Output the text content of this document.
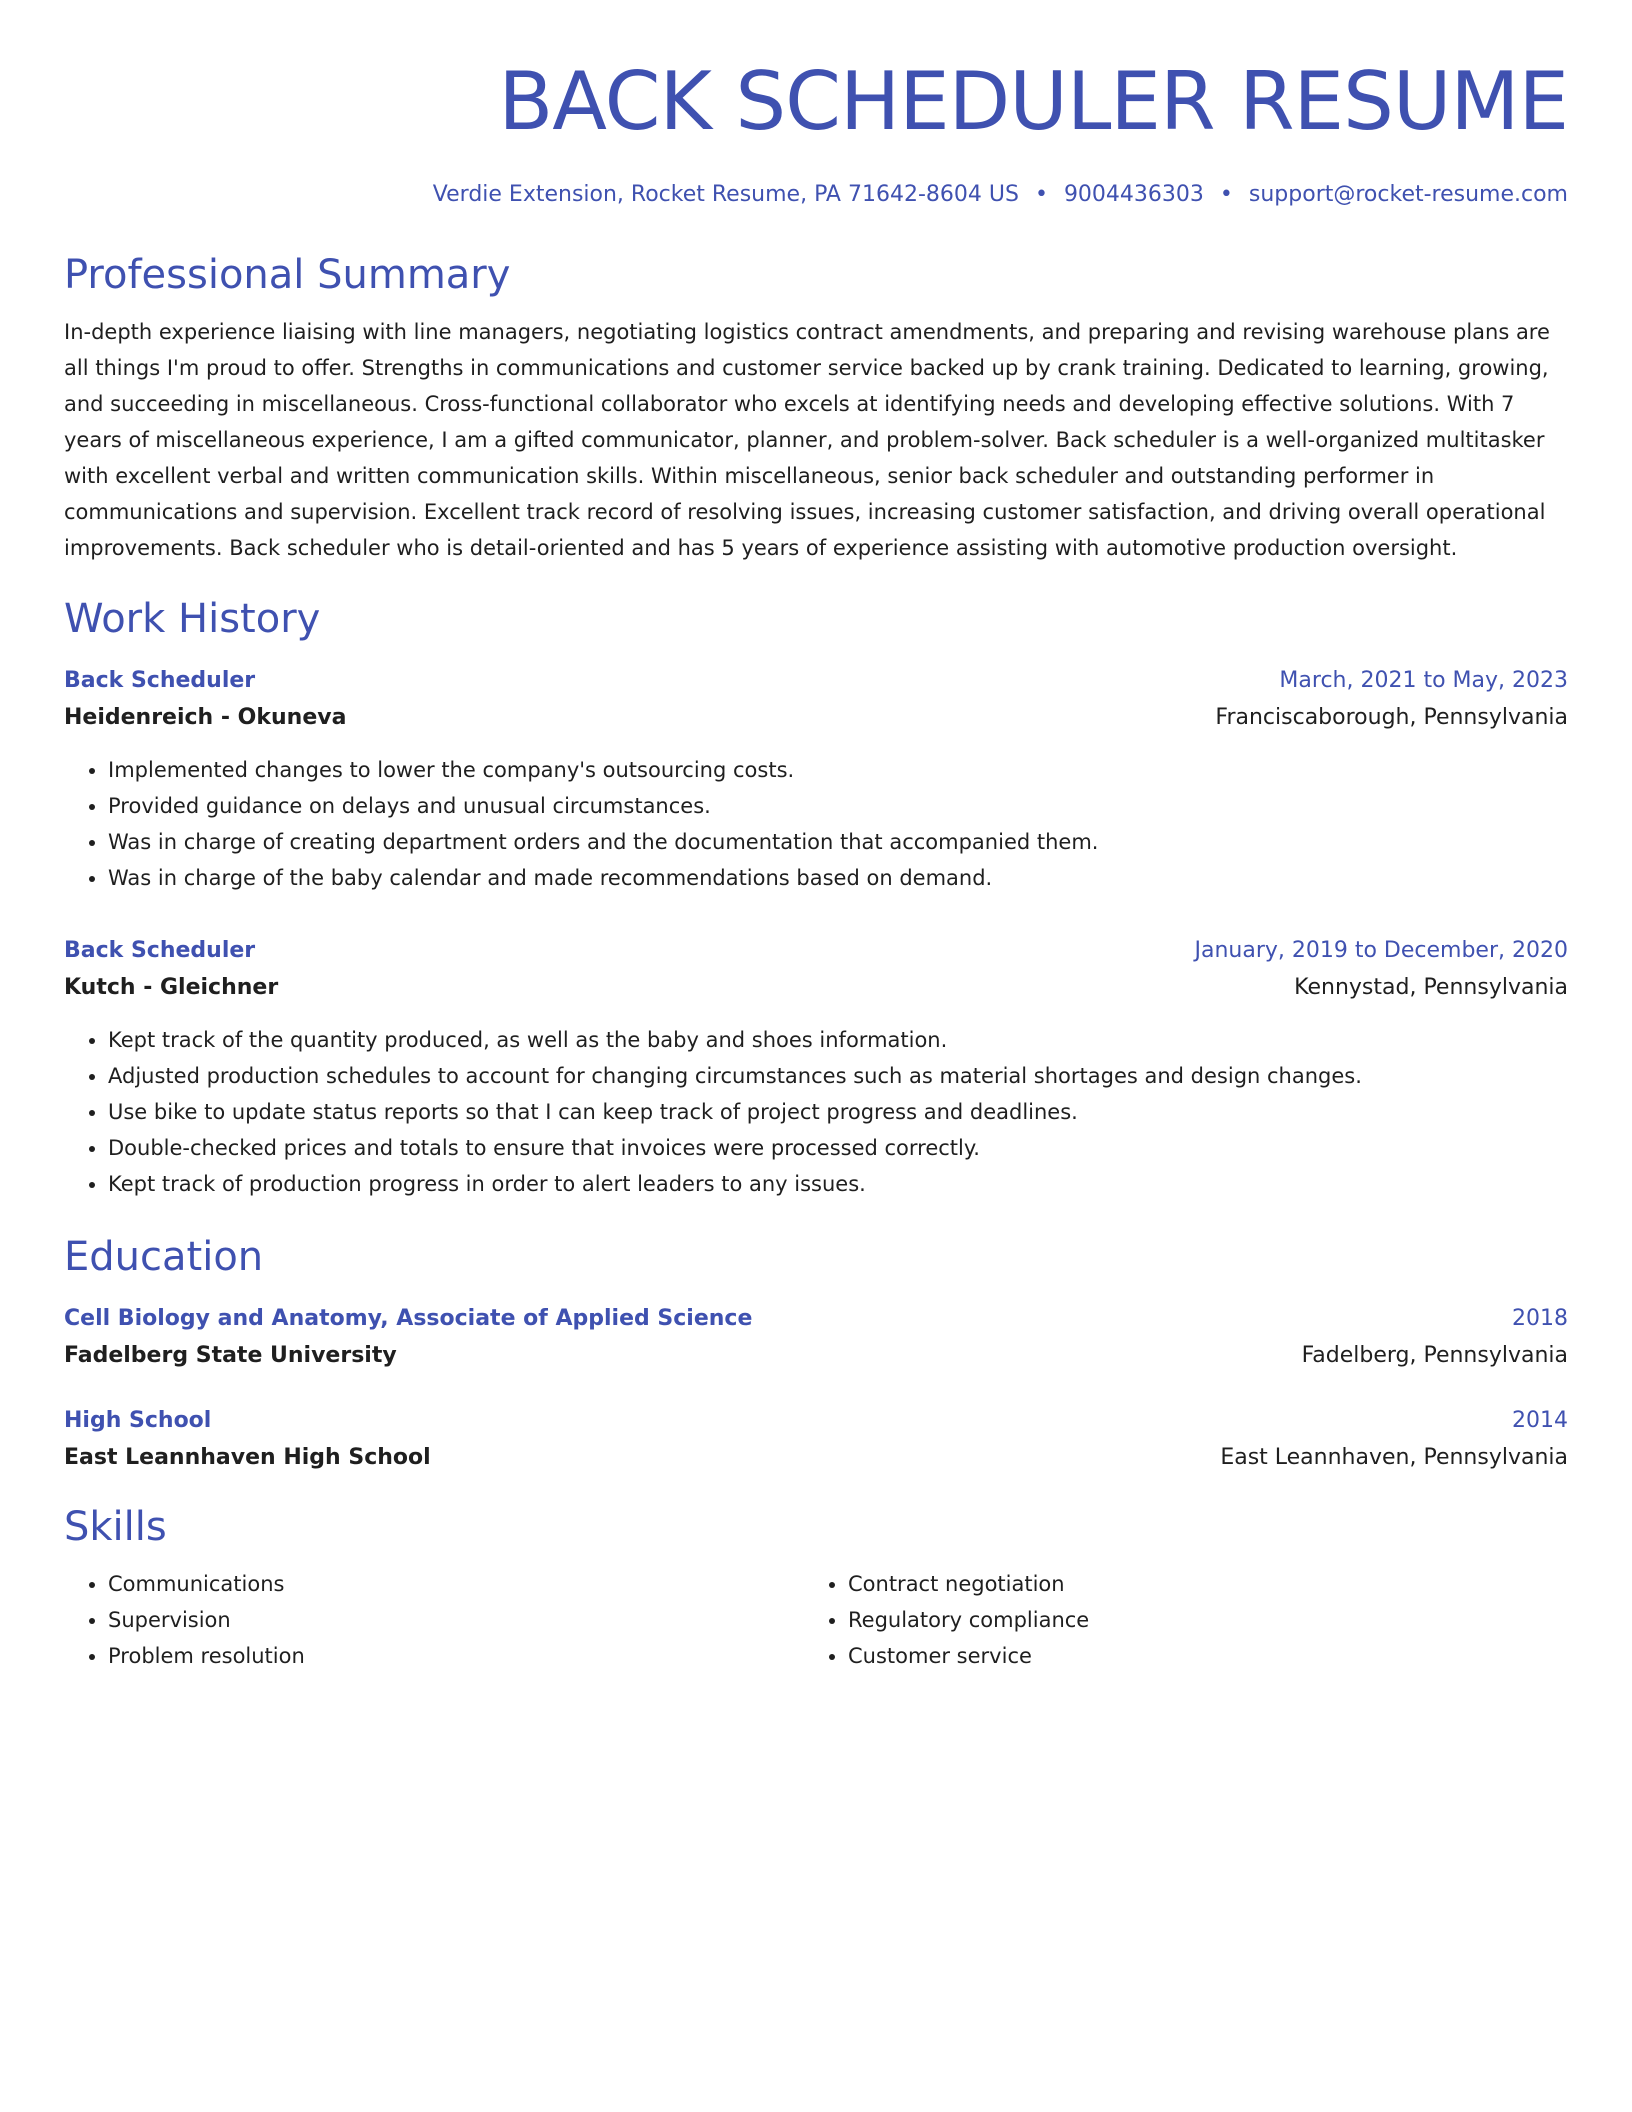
BACK SCHEDULER RESUME
Verdie Extension, Rocket Resume, PA 71642-8604 US • 9004436303 • support@rocket-resume.com
Professional Summary
In-depth experience liaising with line managers, negotiating logistics contract amendments, and preparing and revising warehouse plans are all things I'm proud to offer. Strengths in communications and customer service backed up by crank training. Dedicated to learning, growing, and succeeding in miscellaneous. Cross-functional collaborator who excels at identifying needs and developing effective solutions. With 7 years of miscellaneous experience, I am a gifted communicator, planner, and problem-solver. Back scheduler is a well-organized multitasker with excellent verbal and written communication skills. Within miscellaneous, senior back scheduler and outstanding performer in communications and supervision. Excellent track record of resolving issues, increasing customer satisfaction, and driving overall operational improvements. Back scheduler who is detail-oriented and has 5 years of experience assisting with automotive production oversight.
Work History
Back Scheduler	March, 2021 to May, 2023
Heidenreich - Okuneva	Franciscaborough, Pennsylvania
• Implemented changes to lower the company's outsourcing costs.
• Provided guidance on delays and unusual circumstances.
• Was in charge of creating department orders and the documentation that accompanied them.
• Was in charge of the baby calendar and made recommendations based on demand.
Back Scheduler	January, 2019 to December, 2020
Kutch - Gleichner	Kennystad, Pennsylvania
• Kept track of the quantity produced, as well as the baby and shoes information.
• Adjusted production schedules to account for changing circumstances such as material shortages and design changes.
• Use bike to update status reports so that I can keep track of project progress and deadlines.
• Double-checked prices and totals to ensure that invoices were processed correctly.
• Kept track of production progress in order to alert leaders to any issues.
Education
Cell Biology and Anatomy, Associate of Applied Science	2018
Fadelberg State University	Fadelberg, Pennsylvania
High School	2014
East Leannhaven High School	East Leannhaven, Pennsylvania
Skills
• Communications
• Supervision
• Problem resolution
• Contract negotiation
• Regulatory compliance
• Customer service
